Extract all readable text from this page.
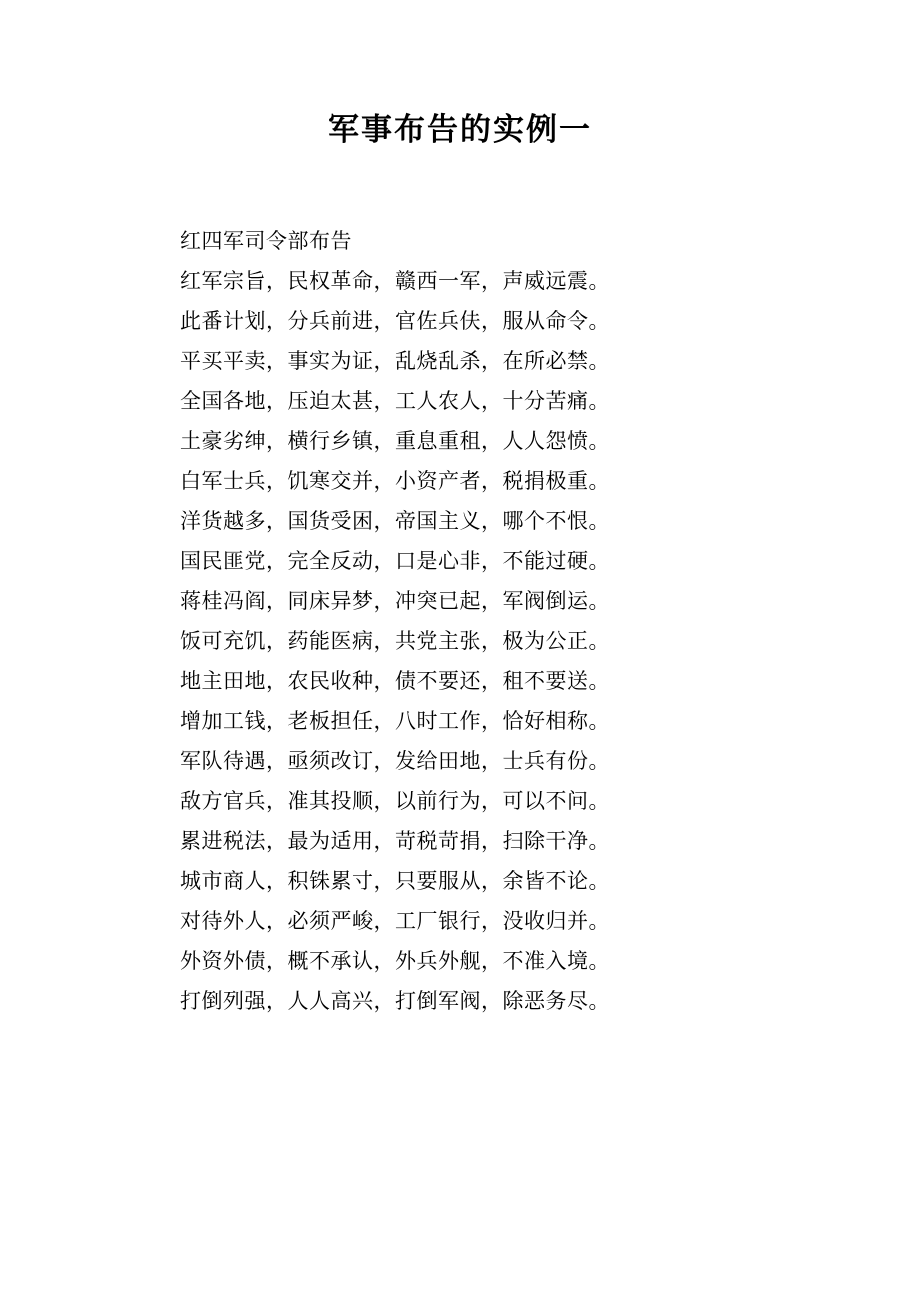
军事布告的实例一
红四军司令部布告
红军宗旨，民权革命，赣西一军，声威远震。
此番计划，分兵前进，官佐兵伕，服从命令。
平买平卖，事实为证，乱烧乱杀，在所必禁。
全国各地，压迫太甚，工人农人，十分苦痛。
土豪劣绅，横行乡镇，重息重租，人人怨愤。
白军士兵，饥寒交并，小资产者，税捐极重。
洋货越多，国货受困，帝国主义，哪个不恨。
国民匪党，完全反动，口是心非，不能过硬。
蒋桂冯阎，同床异梦，冲突已起，军阀倒运。
饭可充饥，药能医病，共党主张，极为公正。
地主田地，农民收种，债不要还，租不要送。
增加工钱，老板担任，八时工作，恰好相称。
军队待遇，亟须改订，发给田地，士兵有份。
敌方官兵，准其投顺，以前行为，可以不问。
累进税法，最为适用，苛税苛捐，扫除干净。
城市商人，积铢累寸，只要服从，余皆不论。
对待外人，必须严峻，工厂银行，没收归并。
外资外债，概不承认，外兵外舰，不准入境。
打倒列强，人人高兴，打倒军阀，除恶务尽。
